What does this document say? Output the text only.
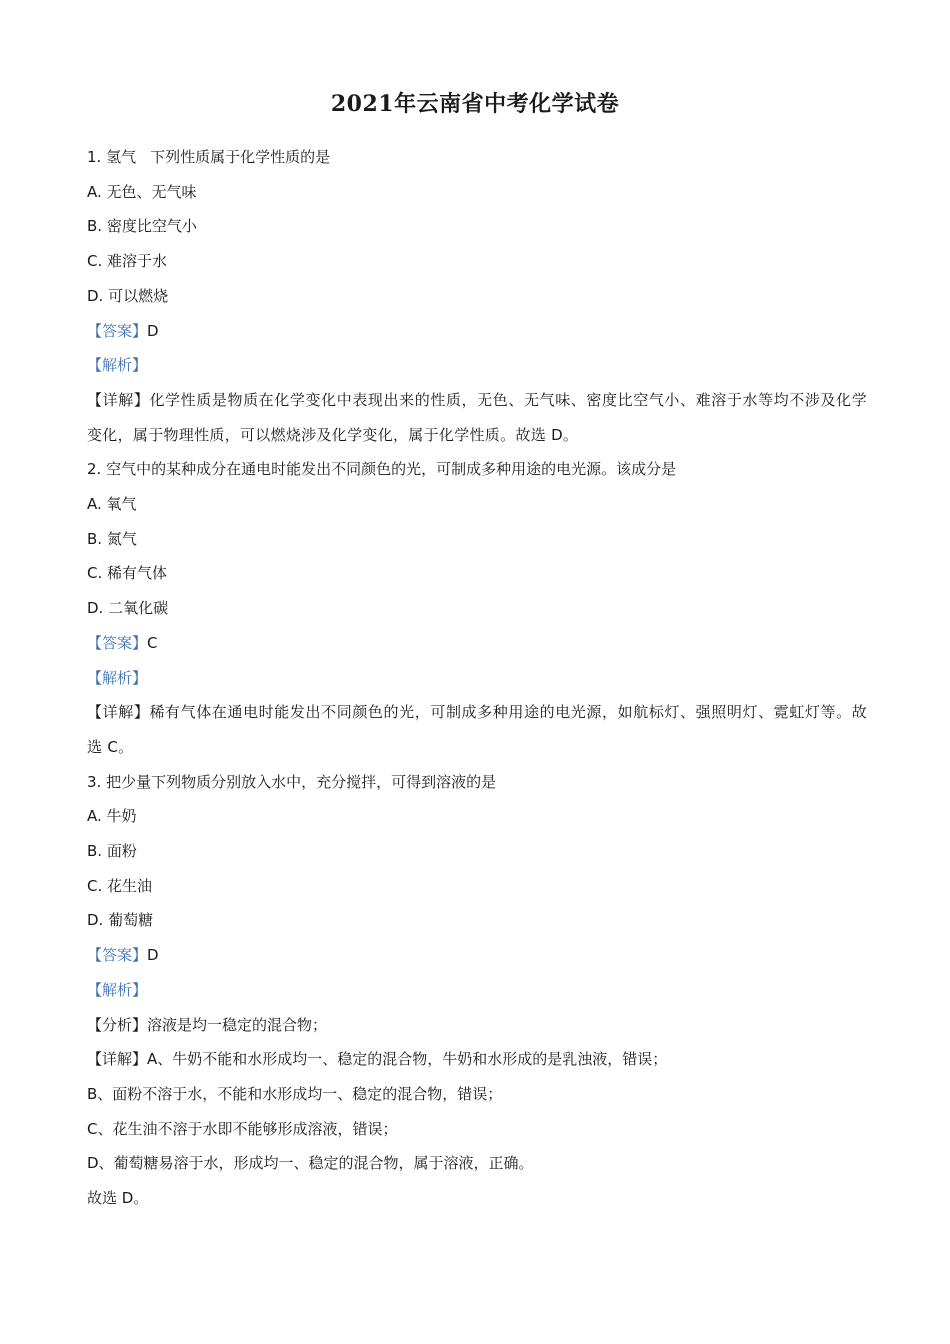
2021年云南省中考化学试卷
1. 氢气 下列性质属于化学性质的是
A. 无色、无气味
B. 密度比空气小
C. 难溶于水
D. 可以燃烧
【答案】D
【解析】
【详解】化学性质是物质在化学变化中表现出来的性质，无色、无气味、密度比空气小、难溶于水等均不涉及化学变化，属于物理性质，可以燃烧涉及化学变化，属于化学性质。故选 D。
2. 空气中的某种成分在通电时能发出不同颜色的光，可制成多种用途的电光源。该成分是
A. 氧气
B. 氮气
C. 稀有气体
D. 二氧化碳
【答案】C
【解析】
【详解】稀有气体在通电时能发出不同颜色的光，可制成多种用途的电光源，如航标灯、强照明灯、霓虹灯等。故选 C。
3. 把少量下列物质分别放入水中，充分搅拌，可得到溶液的是
A. 牛奶
B. 面粉
C. 花生油
D. 葡萄糖
【答案】D
【解析】
【分析】溶液是均一稳定的混合物；
【详解】A、牛奶不能和水形成均一、稳定的混合物，牛奶和水形成的是乳浊液，错误；
B、面粉不溶于水，不能和水形成均一、稳定的混合物，错误；
C、花生油不溶于水即不能够形成溶液，错误；
D、葡萄糖易溶于水，形成均一、稳定的混合物，属于溶液，正确。
故选 D。
